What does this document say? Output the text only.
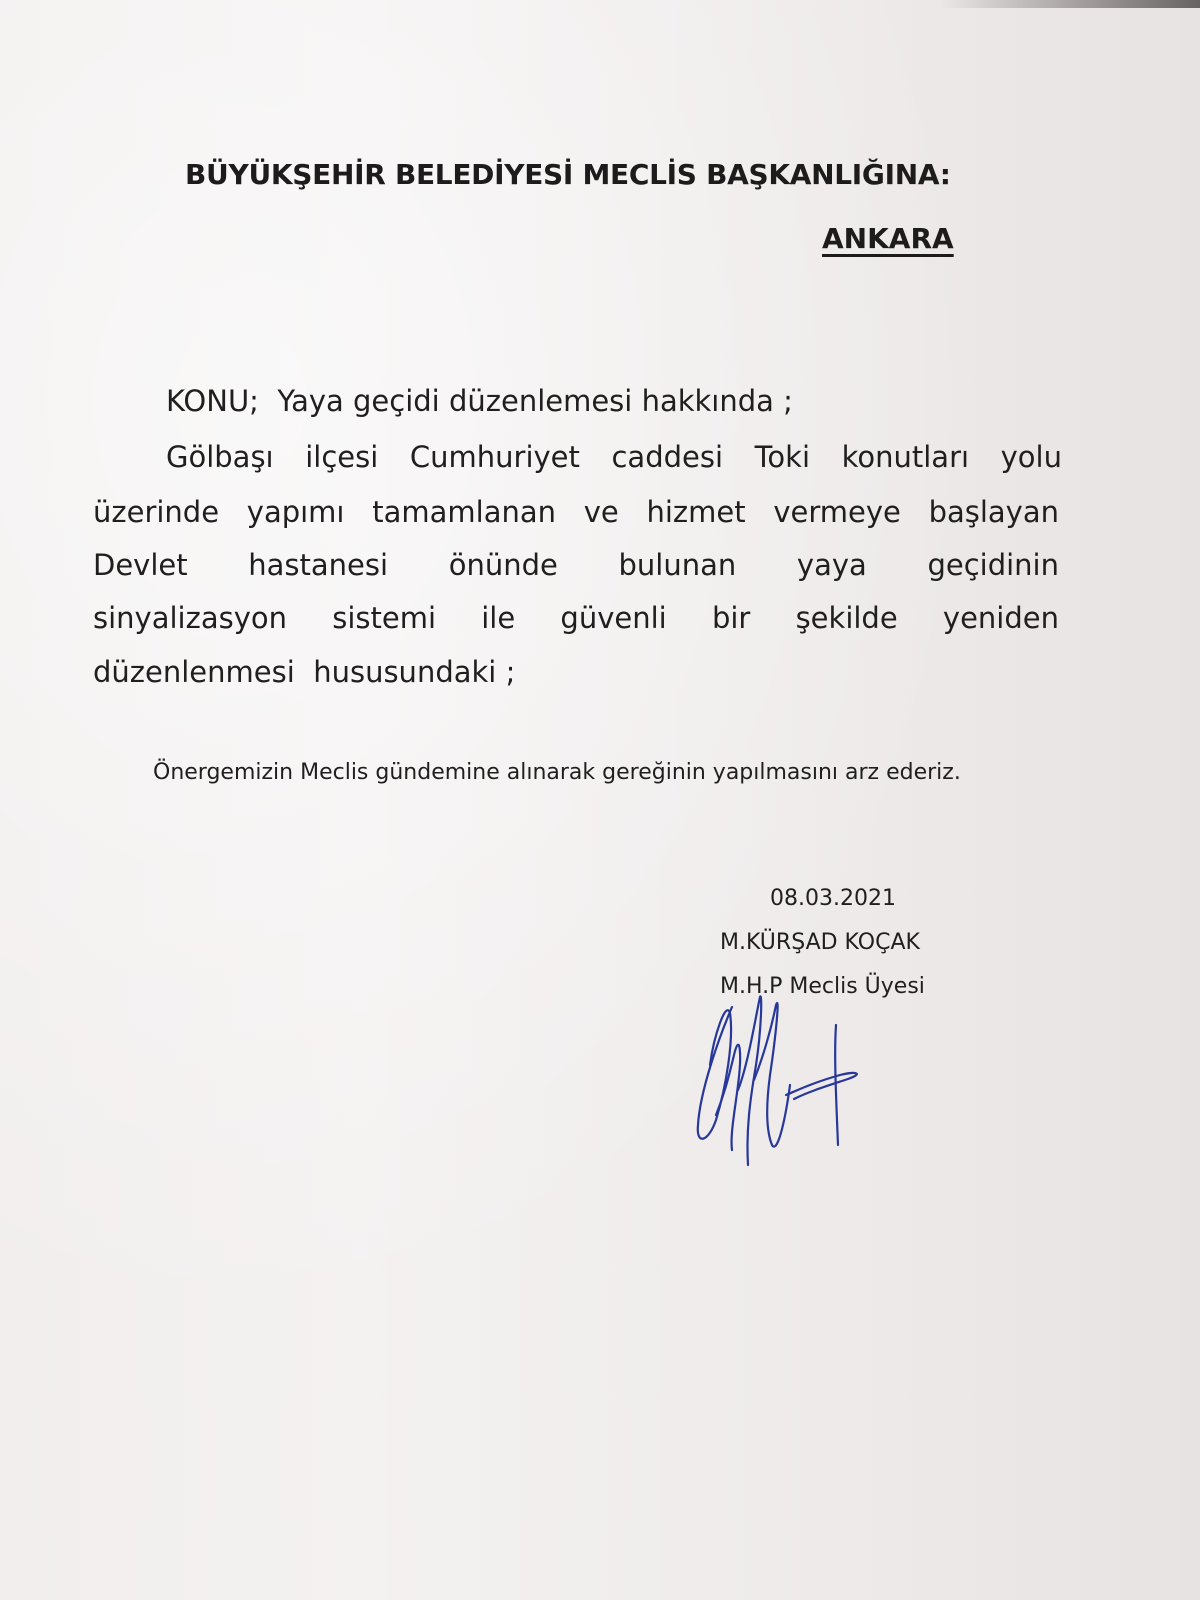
BÜYÜKŞEHİR BELEDİYESİ MECLİS BAŞKANLIĞINA:
ANKARA

KONU;  Yaya geçidi düzenlemesi hakkında ;

Gölbaşı ilçesi Cumhuriyet caddesi Toki konutları yolu

üzerinde yapımı tamamlanan ve hizmet vermeye başlayan

Devlet hastanesi önünde bulunan yaya geçidinin

sinyalizasyon sistemi ile güvenli bir şekilde yeniden

düzenlenmesi  hususundaki ;

Önergemizin Meclis gündemine alınarak gereğinin yapılmasını arz ederiz.

08.03.2021

M.KÜRŞAD KOÇAK

M.H.P Meclis Üyesi
